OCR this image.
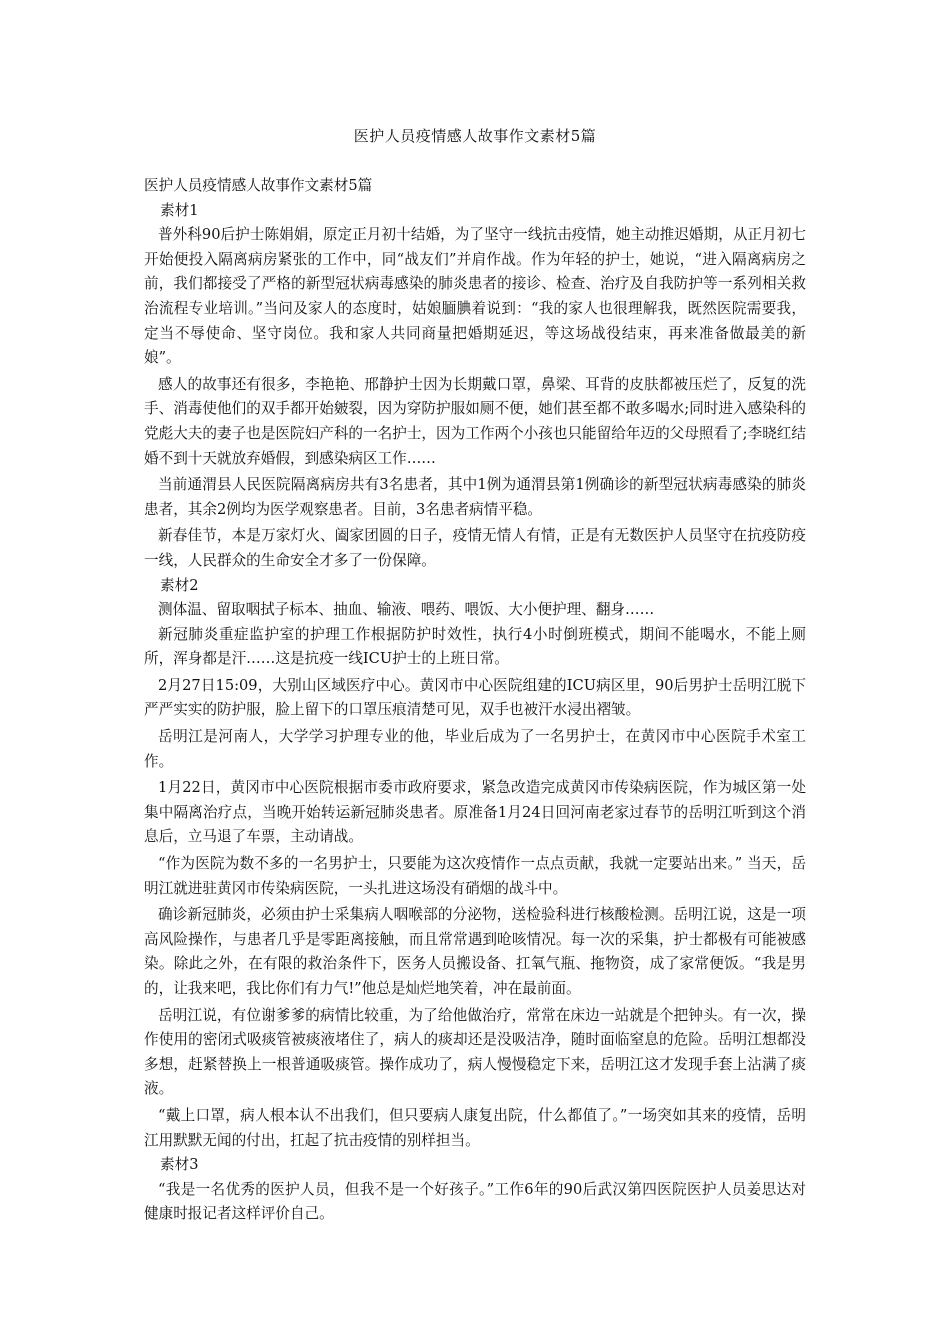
医护人员疫情感人故事作文素材5篇

医护人员疫情感人故事作文素材5篇

素材1

普外科90后护士陈娟娟，原定正月初十结婚，为了坚守一线抗击疫情，她主动推迟婚期，从正月初七开始便投入隔离病房紧张的工作中，同“战友们”并肩作战。作为年轻的护士，她说，“进入隔离病房之前，我们都接受了严格的新型冠状病毒感染的肺炎患者的接诊、检查、治疗及自我防护等一系列相关救治流程专业培训。”当问及家人的态度时，姑娘腼腆着说到：“我的家人也很理解我，既然医院需要我，定当不辱使命、坚守岗位。我和家人共同商量把婚期延迟，等这场战役结束，再来准备做最美的新娘”。

感人的故事还有很多，李艳艳、邢静护士因为长期戴口罩，鼻梁、耳背的皮肤都被压烂了，反复的洗手、消毒使他们的双手都开始皴裂，因为穿防护服如厕不便，她们甚至都不敢多喝水;同时进入感染科的党彪大夫的妻子也是医院妇产科的一名护士，因为工作两个小孩也只能留给年迈的父母照看了;李晓红结婚不到十天就放弃婚假，到感染病区工作……

当前通渭县人民医院隔离病房共有3名患者，其中1例为通渭县第1例确诊的新型冠状病毒感染的肺炎患者，其余2例均为医学观察患者。目前，3名患者病情平稳。

新春佳节，本是万家灯火、阖家团圆的日子，疫情无情人有情，正是有无数医护人员坚守在抗疫防疫一线，人民群众的生命安全才多了一份保障。

素材2

测体温、留取咽拭子标本、抽血、输液、喂药、喂饭、大小便护理、翻身……

新冠肺炎重症监护室的护理工作根据防护时效性，执行4小时倒班模式，期间不能喝水，不能上厕所，浑身都是汗……这是抗疫一线ICU护士的上班日常。

2月27日15:09，大别山区域医疗中心。黄冈市中心医院组建的ICU病区里，90后男护士岳明江脱下严严实实的防护服，脸上留下的口罩压痕清楚可见，双手也被汗水浸出褶皱。

岳明江是河南人，大学学习护理专业的他，毕业后成为了一名男护士，在黄冈市中心医院手术室工作。

1月22日，黄冈市中心医院根据市委市政府要求，紧急改造完成黄冈市传染病医院，作为城区第一处集中隔离治疗点，当晚开始转运新冠肺炎患者。原准备1月24日回河南老家过春节的岳明江听到这个消息后，立马退了车票，主动请战。

“作为医院为数不多的一名男护士，只要能为这次疫情作一点点贡献，我就一定要站出来。” 当天，岳明江就进驻黄冈市传染病医院，一头扎进这场没有硝烟的战斗中。

确诊新冠肺炎，必须由护士采集病人咽喉部的分泌物，送检验科进行核酸检测。岳明江说，这是一项高风险操作，与患者几乎是零距离接触，而且常常遇到呛咳情况。每一次的采集，护士都极有可能被感染。除此之外，在有限的救治条件下，医务人员搬设备、扛氧气瓶、拖物资，成了家常便饭。“我是男的，让我来吧，我比你们有力气!”他总是灿烂地笑着，冲在最前面。

岳明江说，有位谢爹爹的病情比较重，为了给他做治疗，常常在床边一站就是个把钟头。有一次，操作使用的密闭式吸痰管被痰液堵住了，病人的痰却还是没吸洁净，随时面临窒息的危险。岳明江想都没多想，赶紧替换上一根普通吸痰管。操作成功了，病人慢慢稳定下来，岳明江这才发现手套上沾满了痰液。

“戴上口罩，病人根本认不出我们，但只要病人康复出院，什么都值了。”一场突如其来的疫情，岳明江用默默无闻的付出，扛起了抗击疫情的别样担当。

素材3

“我是一名优秀的医护人员，但我不是一个好孩子。”工作6年的90后武汉第四医院医护人员姜思达对健康时报记者这样评价自己。
